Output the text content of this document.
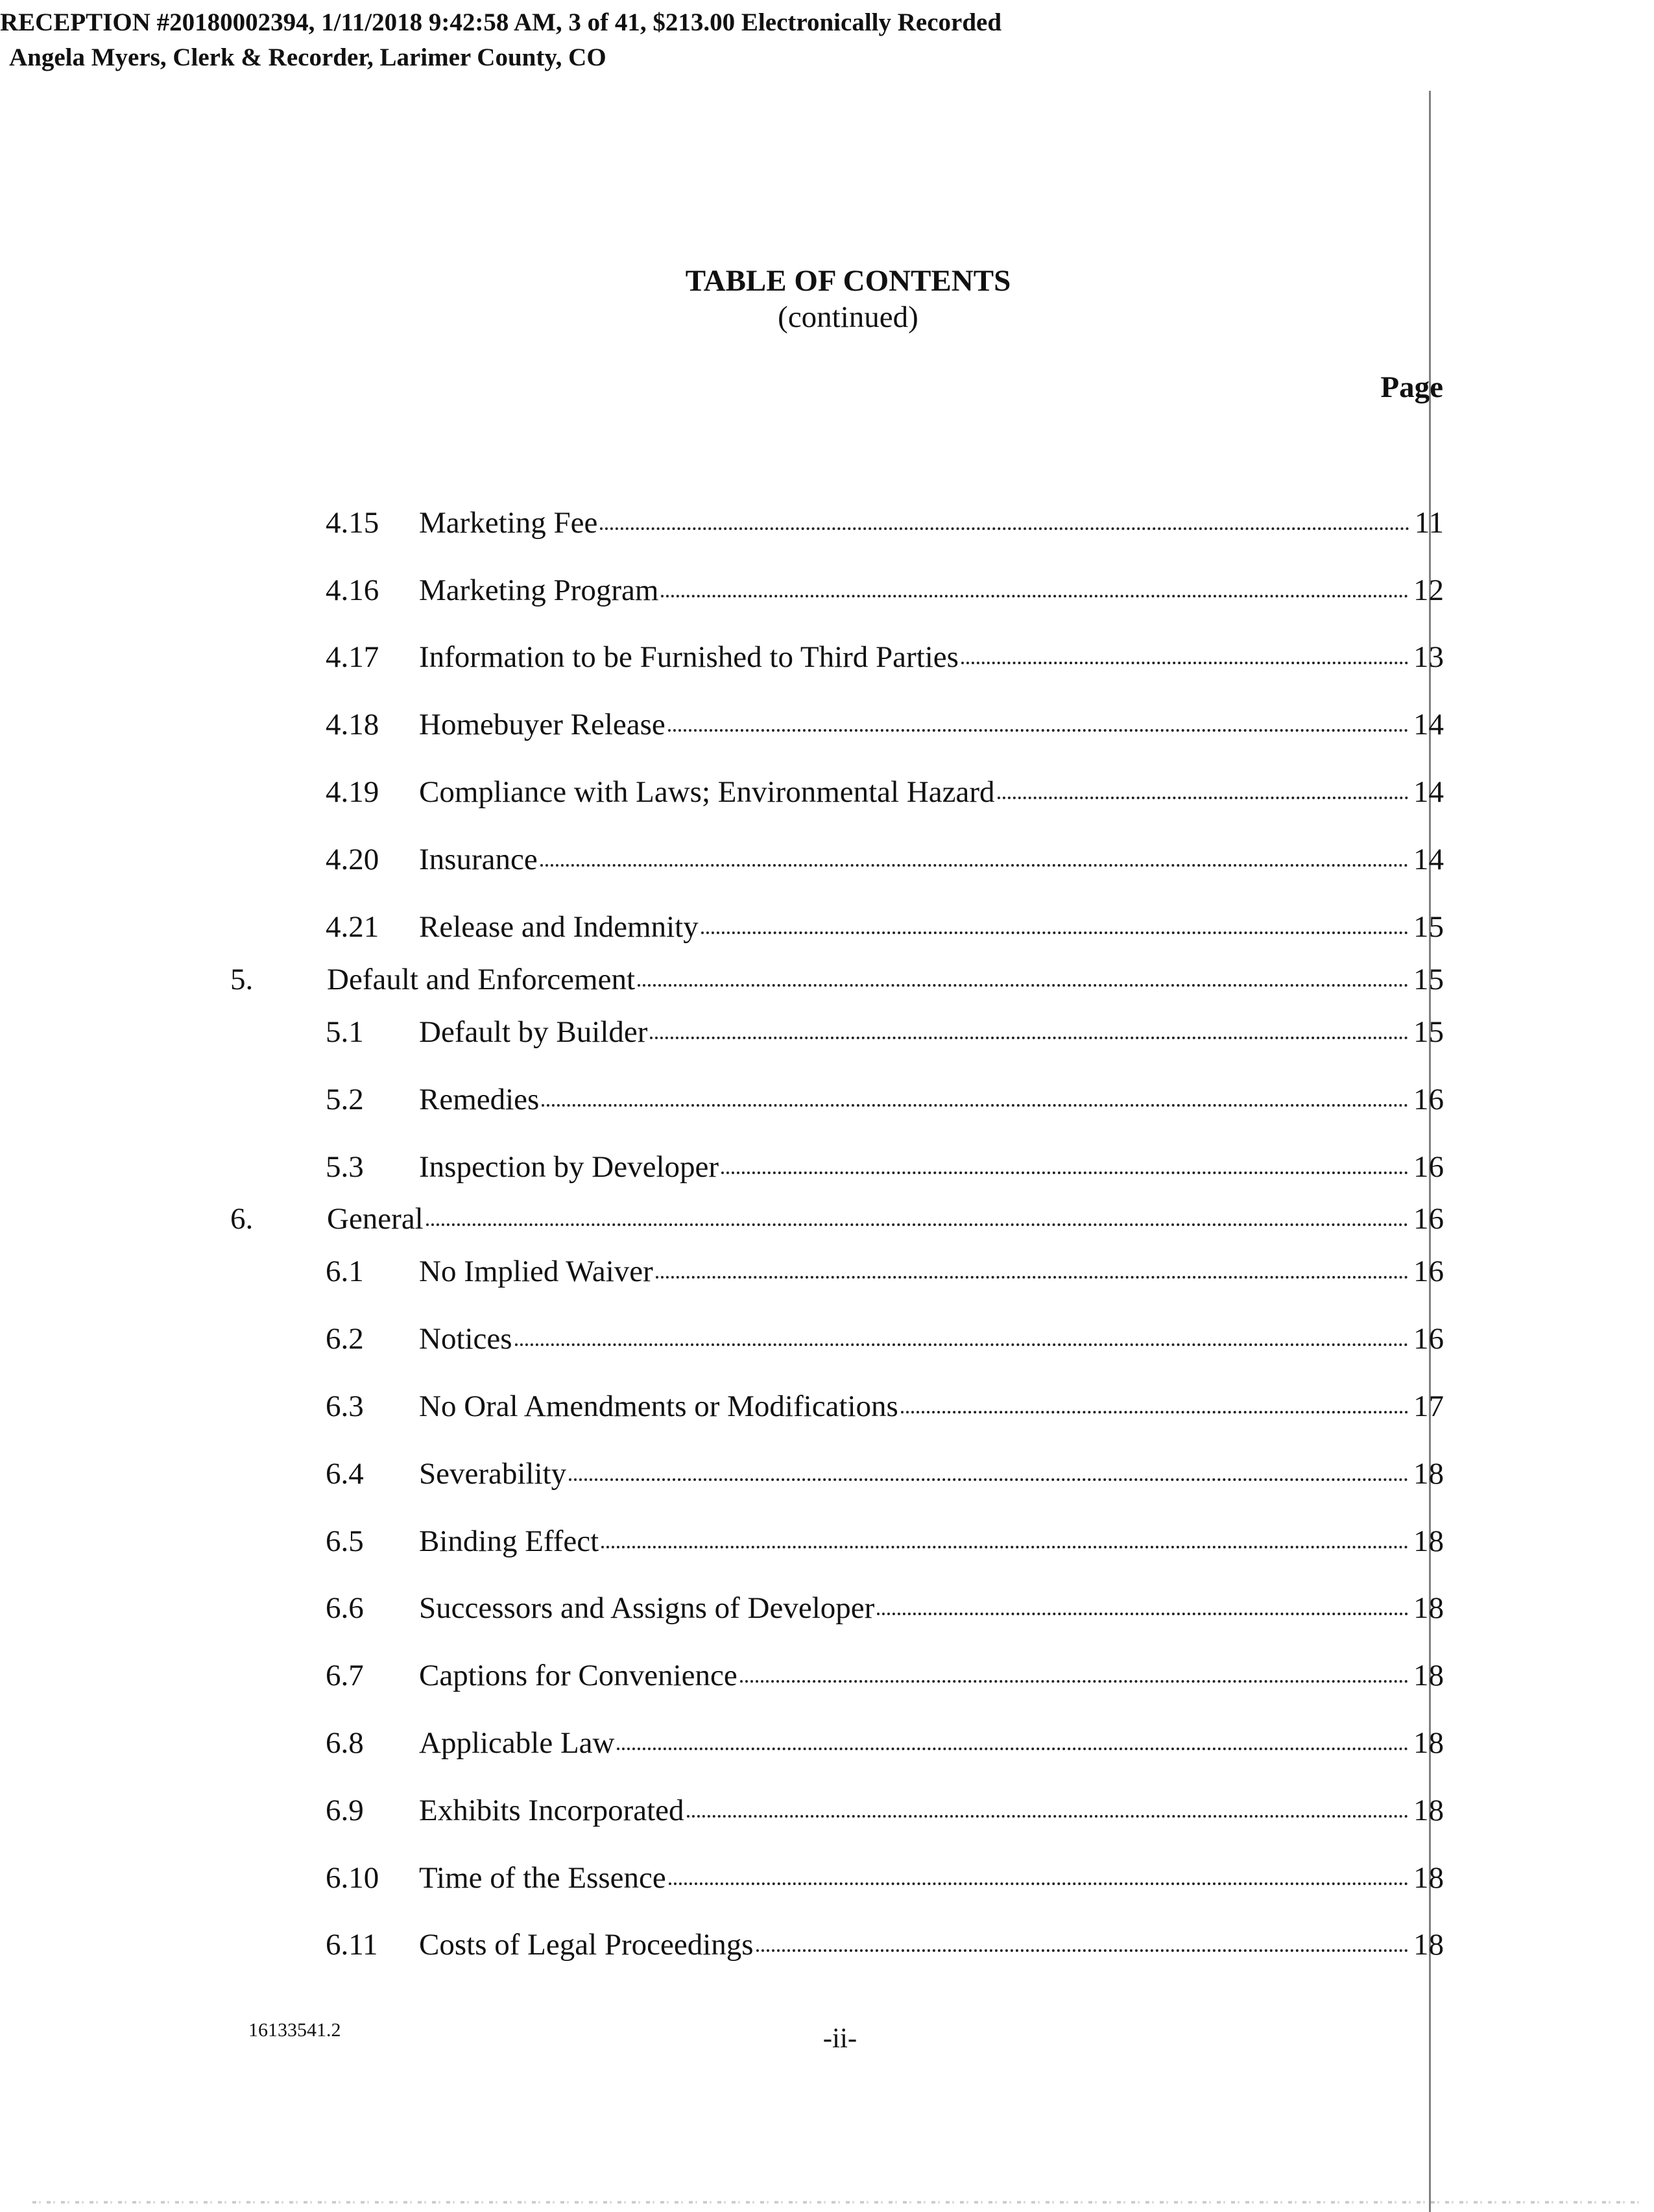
RECEPTION #20180002394, 1/11/2018 9:42:58 AM, 3 of 41, $213.00 Electronically Recorded
Angela Myers, Clerk & Recorder, Larimer County, CO
TABLE OF CONTENTS
(continued)
Page
4.15 Marketing Fee	11
4.16 Marketing Program	12
4.17 Information to be Furnished to Third Parties	13
4.18 Homebuyer Release	14
4.19 Compliance with Laws; Environmental Hazard	14
4.20 Insurance	14
4.21 Release and Indemnity	15
5. Default and Enforcement	15
5.1 Default by Builder	15
5.2 Remedies	16
5.3 Inspection by Developer	16
6. General	16
6.1 No Implied Waiver	16
6.2 Notices	16
6.3 No Oral Amendments or Modifications	17
6.4 Severability	18
6.5 Binding Effect	18
6.6 Successors and Assigns of Developer	18
6.7 Captions for Convenience	18
6.8 Applicable Law	18
6.9 Exhibits Incorporated	18
6.10 Time of the Essence	18
6.11 Costs of Legal Proceedings	18
16133541.2	-ii-
